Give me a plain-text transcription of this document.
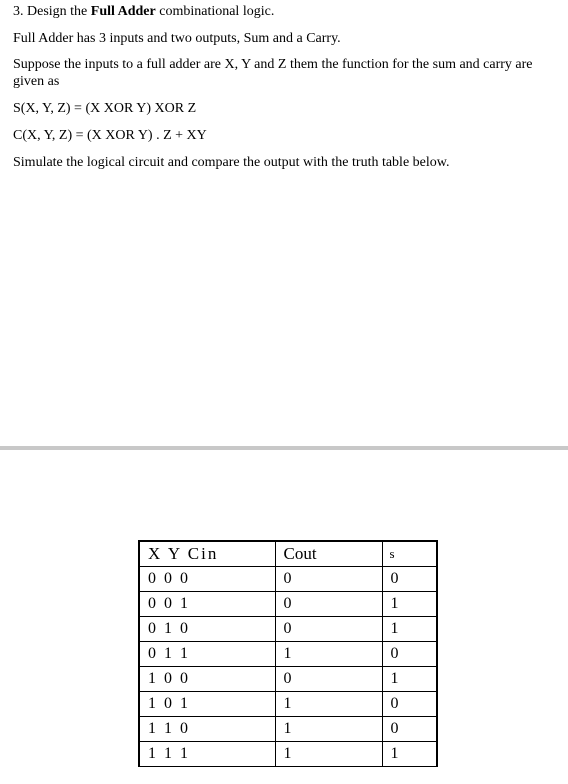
3. Design the Full Adder combinational logic.
Full Adder has 3 inputs and two outputs, Sum and a Carry.
Suppose the inputs to a full adder are X, Y and Z them the function for the sum and carry are given as
S(X, Y, Z) = (X XOR Y) XOR Z
C(X, Y, Z) = (X XOR Y) . Z + XY
Simulate the logical circuit and compare the output with the truth table below.
X Y Cin	Cout	s
0 0 0	0	0
0 0 1	0	1
0 1 0	0	1
0 1 1	1	0
1 0 0	0	1
1 0 1	1	0
1 1 0	1	0
1 1 1	1	1
